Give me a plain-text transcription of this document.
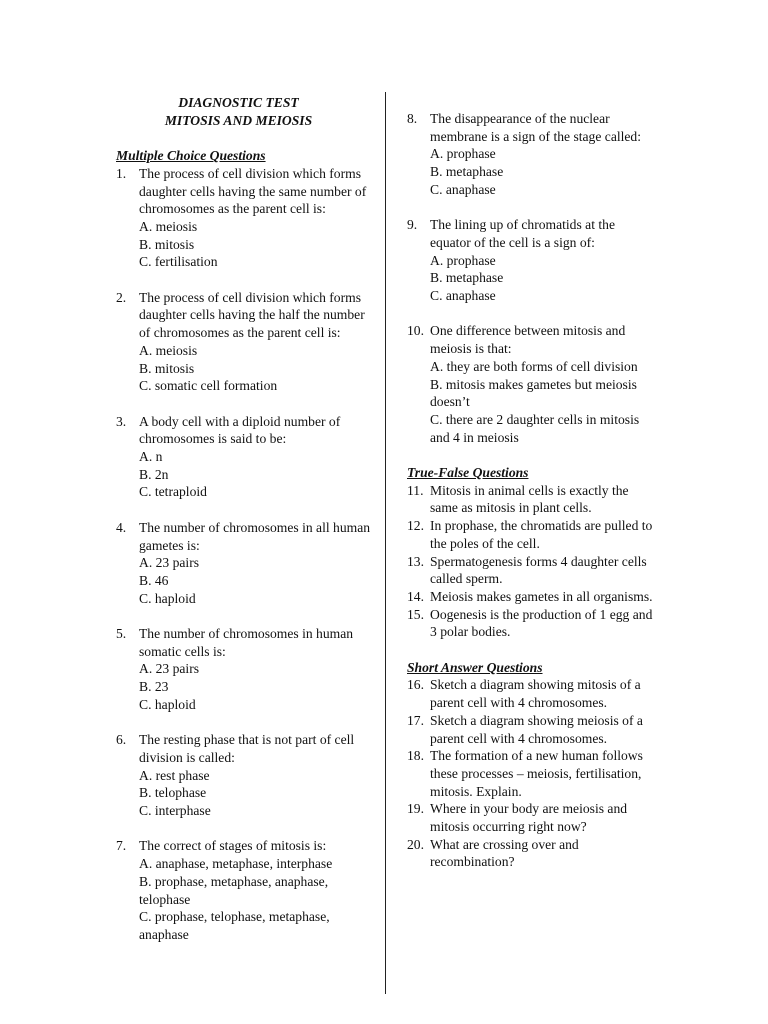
DIAGNOSTIC TEST
MITOSIS AND MEIOSIS
Multiple Choice Questions
1. The process of cell division which forms daughter cells having the same number of chromosomes as the parent cell is:
A. meiosis
B. mitosis
C. fertilisation
2. The process of cell division which forms daughter cells having the half the number of chromosomes as the parent cell is:
A. meiosis
B. mitosis
C. somatic cell formation
3. A body cell with a diploid number of chromosomes is said to be:
A. n
B. 2n
C. tetraploid
4. The number of chromosomes in all human gametes is:
A. 23 pairs
B. 46
C. haploid
5. The number of chromosomes in human somatic cells is:
A. 23 pairs
B. 23
C. haploid
6. The resting phase that is not part of cell division is called:
A. rest phase
B. telophase
C. interphase
7. The correct of stages of mitosis is:
A. anaphase, metaphase, interphase
B. prophase, metaphase, anaphase, telophase
C. prophase, telophase, metaphase, anaphase
8. The disappearance of the nuclear membrane is a sign of the stage called:
A. prophase
B. metaphase
C. anaphase
9. The lining up of chromatids at the equator of the cell is a sign of:
A. prophase
B. metaphase
C. anaphase
10. One difference between mitosis and meiosis is that:
A. they are both forms of cell division
B. mitosis makes gametes but meiosis doesn’t
C. there are 2 daughter cells in mitosis and 4 in meiosis
True-False Questions
11. Mitosis in animal cells is exactly the same as mitosis in plant cells.
12. In prophase, the chromatids are pulled to the poles of the cell.
13. Spermatogenesis forms 4 daughter cells called sperm.
14. Meiosis makes gametes in all organisms.
15. Oogenesis is the production of 1 egg and 3 polar bodies.
Short Answer Questions
16. Sketch a diagram showing mitosis of a parent cell with 4 chromosomes.
17. Sketch a diagram showing meiosis of a parent cell with 4 chromosomes.
18. The formation of a new human follows these processes – meiosis, fertilisation, mitosis. Explain.
19. Where in your body are meiosis and mitosis occurring right now?
20. What are crossing over and recombination?
